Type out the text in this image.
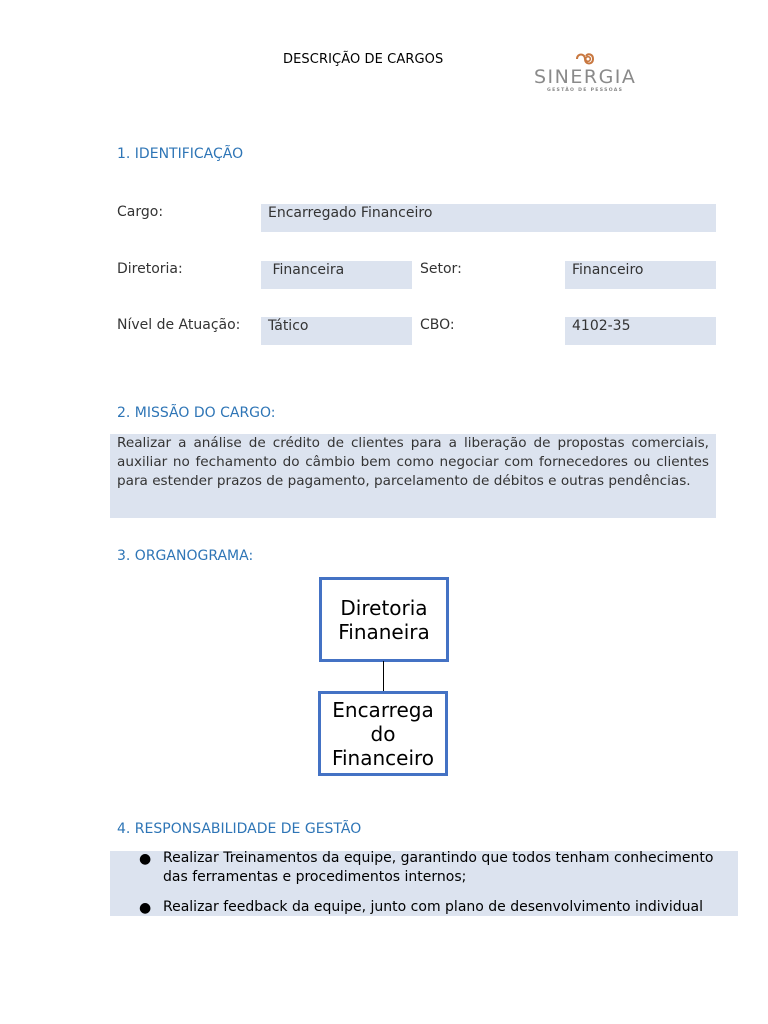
DESCRIÇÃO DE CARGOS
SINERGIA
GESTÃO DE PESSOAS
1. IDENTIFICAÇÃO
Cargo:	Encarregado Financeiro
Diretoria:	Financeira	Setor:	Financeiro
Nível de Atuação:	Tático	CBO:	4102-35
2. MISSÃO DO CARGO:
Realizar a análise de crédito de clientes para a liberação de propostas comerciais, auxiliar no fechamento do câmbio bem como negociar com fornecedores ou clientes para estender prazos de pagamento, parcelamento de débitos e outras pendências.
3. ORGANOGRAMA:
Diretoria
Finaneira
Encarrega
do
Financeiro
4. RESPONSABILIDADE DE GESTÃO
● Realizar Treinamentos da equipe, garantindo que todos tenham conhecimento das ferramentas e procedimentos internos;
● Realizar feedback da equipe, junto com plano de desenvolvimento individual
